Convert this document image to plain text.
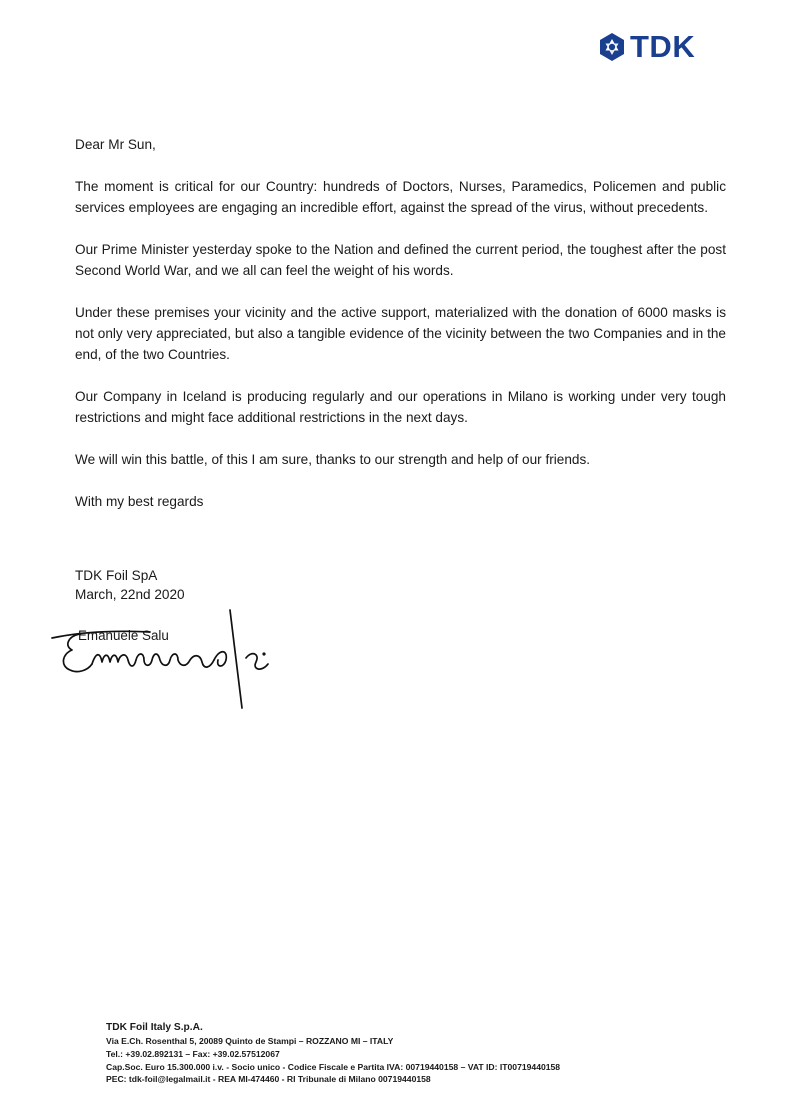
TDK

Dear Mr Sun,

The moment is critical for our Country: hundreds of Doctors, Nurses, Paramedics, Policemen and public services employees are engaging an incredible effort, against the spread of the virus, without precedents.

Our Prime Minister yesterday spoke to the Nation and defined the current period, the toughest after the post Second World War, and we all can feel the weight of his words.

Under these premises your vicinity and the active support, materialized with the donation of 6000 masks is not only very appreciated, but also a tangible evidence of the vicinity between the two Companies and in the end, of the two Countries.

Our Company in Iceland is producing regularly and our operations in Milano is working under very tough restrictions and might face additional restrictions in the next days.

We will win this battle, of this I am sure, thanks to our strength and help of our friends.

With my best regards

TDK Foil SpA
March, 22nd 2020
Emanuele Salu
TDK Foil Italy S.p.A.
Via E.Ch. Rosenthal 5, 20089 Quinto de Stampi – ROZZANO MI – ITALY
Tel.: +39.02.892131 – Fax: +39.02.57512067
Cap.Soc. Euro 15.300.000 i.v. - Socio unico - Codice Fiscale e Partita IVA: 00719440158 – VAT ID: IT00719440158
PEC: tdk-foil@legalmail.it - REA MI-474460 - RI Tribunale di Milano 00719440158
